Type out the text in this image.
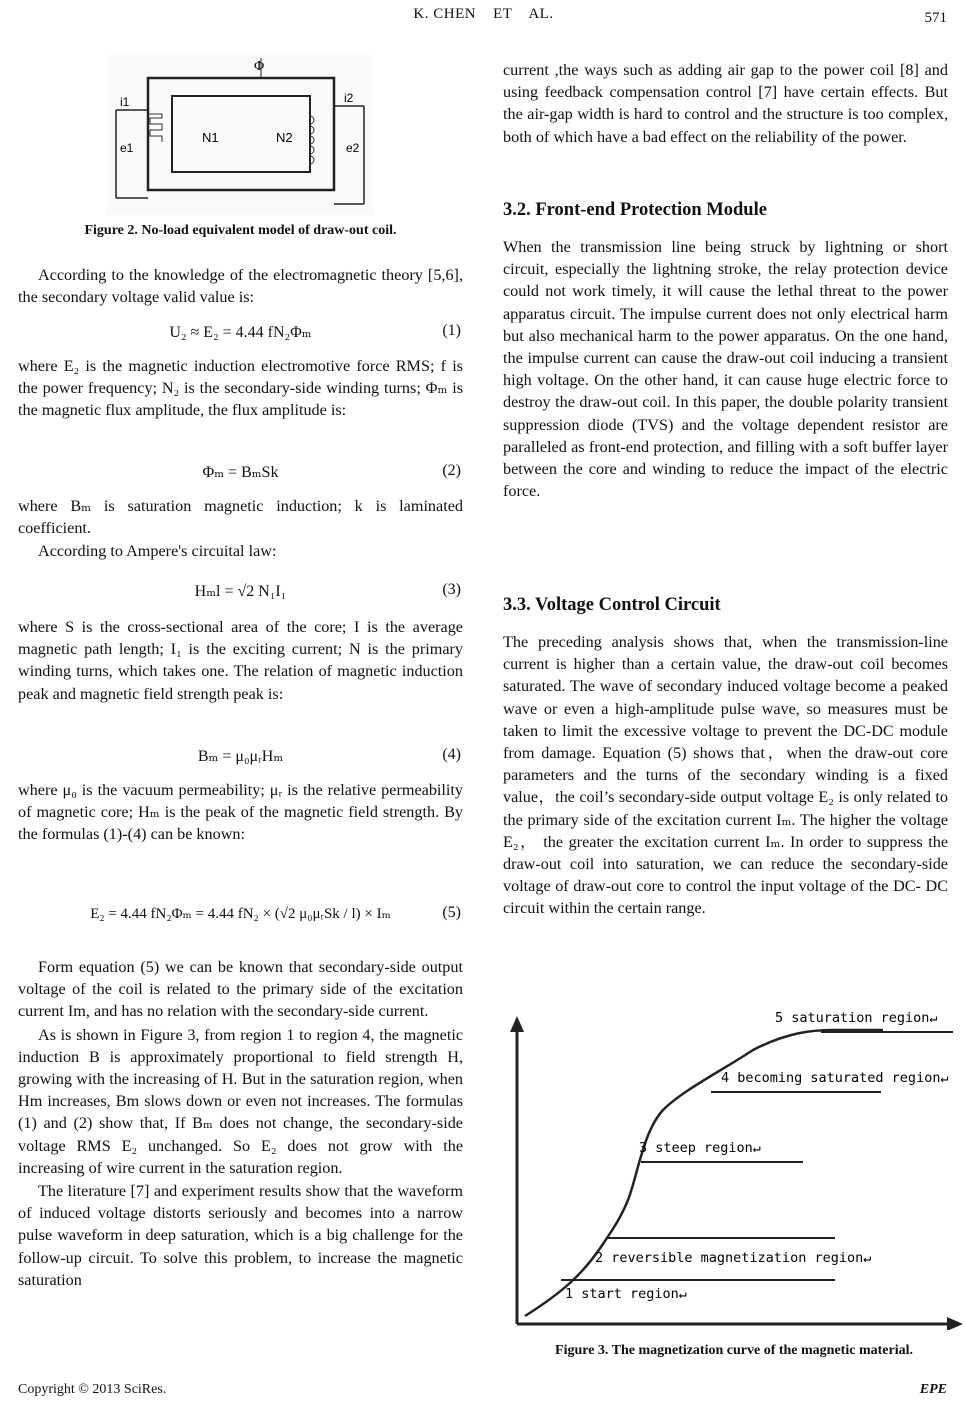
K. CHEN    ET    AL.	571
Φ
i1
e1
N1	N2
i2
e2

Figure 2. No-load equivalent model of draw-out coil.

According to the knowledge of the electromagnetic theory [5,6], the secondary voltage valid value is:

U₂ ≈ E₂ = 4.44 fN₂Φₘ	(1)

where E₂ is the magnetic induction electromotive force RMS; f is the power frequency; N₂ is the secondary-side winding turns; Φₘ is the magnetic flux amplitude, the flux amplitude is:

Φₘ = BₘSk	(2)

where Bₘ is saturation magnetic induction; k is laminated coefficient.

According to Ampere's circuital law:

Hₘl = √2 N₁I₁	(3)

where S is the cross-sectional area of the core; I is the average magnetic path length; I₁ is the exciting current; N is the primary winding turns, which takes one. The relation of magnetic induction peak and magnetic field strength peak is:

Bₘ = μ₀μᵣHₘ	(4)

where μ₀ is the vacuum permeability; μᵣ is the relative permeability of magnetic core; Hₘ is the peak of the magnetic field strength. By the formulas (1)-(4) can be known:

E₂ = 4.44 fN₂Φₘ = 4.44 fN₂ × (√2 μ₀μᵣSk / l) × Iₘ	(5)

Form equation (5) we can be known that secondary-side output voltage of the coil is related to the primary side of the excitation current Im, and has no relation with the secondary-side current.

As is shown in Figure 3, from region 1 to region 4, the magnetic induction B is approximately proportional to field strength H, growing with the increasing of H. But in the saturation region, when Hm increases, Bm slows down or even not increases. The formulas (1) and (2) show that, If Bₘ does not change, the secondary-side voltage RMS E₂ unchanged. So E₂ does not grow with the increasing of wire current in the saturation region.

The literature [7] and experiment results show that the waveform of induced voltage distorts seriously and becomes into a narrow pulse waveform in deep saturation, which is a big challenge for the follow-up circuit. To solve this problem, to increase the magnetic saturation

current ,the ways such as adding air gap to the power coil [8] and using feedback compensation control [7] have certain effects. But the air-gap width is hard to control and the structure is too complex, both of which have a bad effect on the reliability of the power.

3.2. Front-end Protection Module

When the transmission line being struck by lightning or short circuit, especially the lightning stroke, the relay protection device could not work timely, it will cause the lethal threat to the power apparatus circuit. The impulse current does not only electrical harm but also mechanical harm to the power apparatus. On the one hand, the impulse current can cause the draw-out coil inducing a transient high voltage. On the other hand, it can cause huge electric force to destroy the draw-out coil. In this paper, the double polarity transient suppression diode (TVS) and the voltage dependent resistor are paralleled as front-end protection, and filling with a soft buffer layer between the core and winding to reduce the impact of the electric force.

3.3. Voltage Control Circuit

The preceding analysis shows that, when the transmission-line current is higher than a certain value, the draw-out coil becomes saturated. The wave of secondary induced voltage become a peaked wave or even a high-amplitude pulse wave, so measures must be taken to limit the excessive voltage to prevent the DC-DC module from damage. Equation (5) shows that，when the draw-out core parameters and the turns of the secondary winding is a fixed value，the coil’s secondary-side output voltage E₂ is only related to the primary side of the excitation current Iₘ. The higher the voltage E₂， the greater the excitation current Iₘ. In order to suppress the draw-out coil into saturation, we can reduce the secondary-side voltage of draw-out core to control the input voltage of the DC- DC circuit within the certain range.

5 saturation region↵
4 becoming saturated region↵
3 steep region↵
2 reversible magnetization region↵
1 start region↵

Figure 3. The magnetization curve of the magnetic material.

Copyright © 2013 SciRes.	EPE
